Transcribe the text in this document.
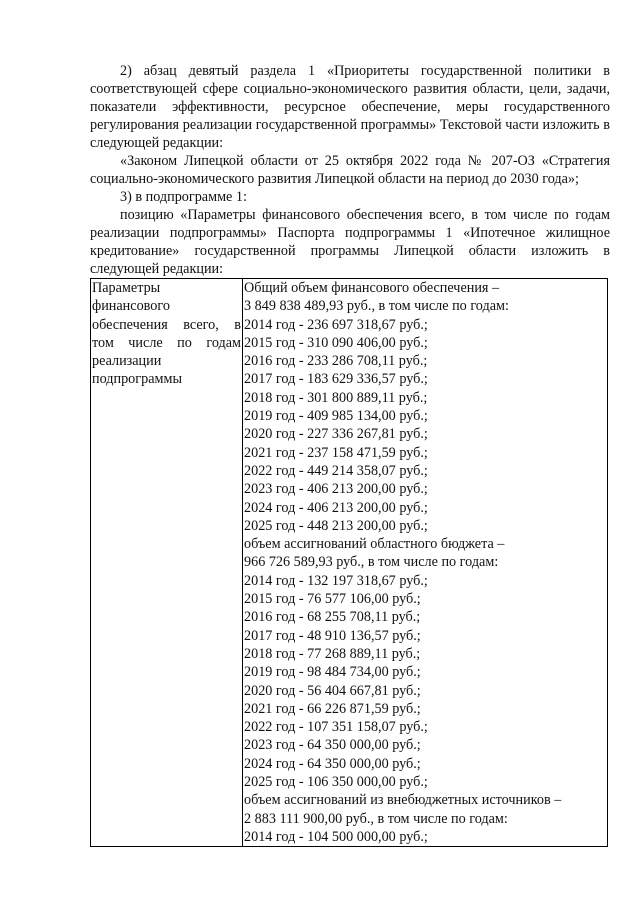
2) абзац девятый раздела 1 «Приоритеты государственной политики в соответствующей сфере социально-экономического развития области, цели, задачи, показатели эффективности, ресурсное обеспечение, меры государственного регулирования реализации государственной программы» Текстовой части изложить в следующей редакции:

«Законом Липецкой области от 25 октября 2022 года № 207-ОЗ «Стратегия социально-экономического развития Липецкой области на период до 2030 года»;

3) в подпрограмме 1:

позицию «Параметры финансового обеспечения всего, в том числе по годам реализации подпрограммы» Паспорта подпрограммы 1 «Ипотечное жилищное кредитование» государственной программы Липецкой области изложить в следующей редакции:

Параметры финансового обеспечения всего, в том числе по годам реализации подпрограммы	
Общий объем финансового обеспечения –
3 849 838 489,93 руб., в том числе по годам:
2014 год - 236 697 318,67 руб.;
2015 год - 310 090 406,00 руб.;
2016 год - 233 286 708,11 руб.;
2017 год - 183 629 336,57 руб.;
2018 год - 301 800 889,11 руб.;
2019 год - 409 985 134,00 руб.;
2020 год - 227 336 267,81 руб.;
2021 год - 237 158 471,59 руб.;
2022 год - 449 214 358,07 руб.;
2023 год - 406 213 200,00 руб.;
2024 год - 406 213 200,00 руб.;
2025 год - 448 213 200,00 руб.;
объем ассигнований областного бюджета –
966 726 589,93 руб., в том числе по годам:
2014 год - 132 197 318,67 руб.;
2015 год - 76 577 106,00 руб.;
2016 год - 68 255 708,11 руб.;
2017 год - 48 910 136,57 руб.;
2018 год - 77 268 889,11 руб.;
2019 год - 98 484 734,00 руб.;
2020 год - 56 404 667,81 руб.;
2021 год - 66 226 871,59 руб.;
2022 год - 107 351 158,07 руб.;
2023 год - 64 350 000,00 руб.;
2024 год - 64 350 000,00 руб.;
2025 год - 106 350 000,00 руб.;
объем ассигнований из внебюджетных источников –
2 883 111 900,00 руб., в том числе по годам:
2014 год - 104 500 000,00 руб.;
